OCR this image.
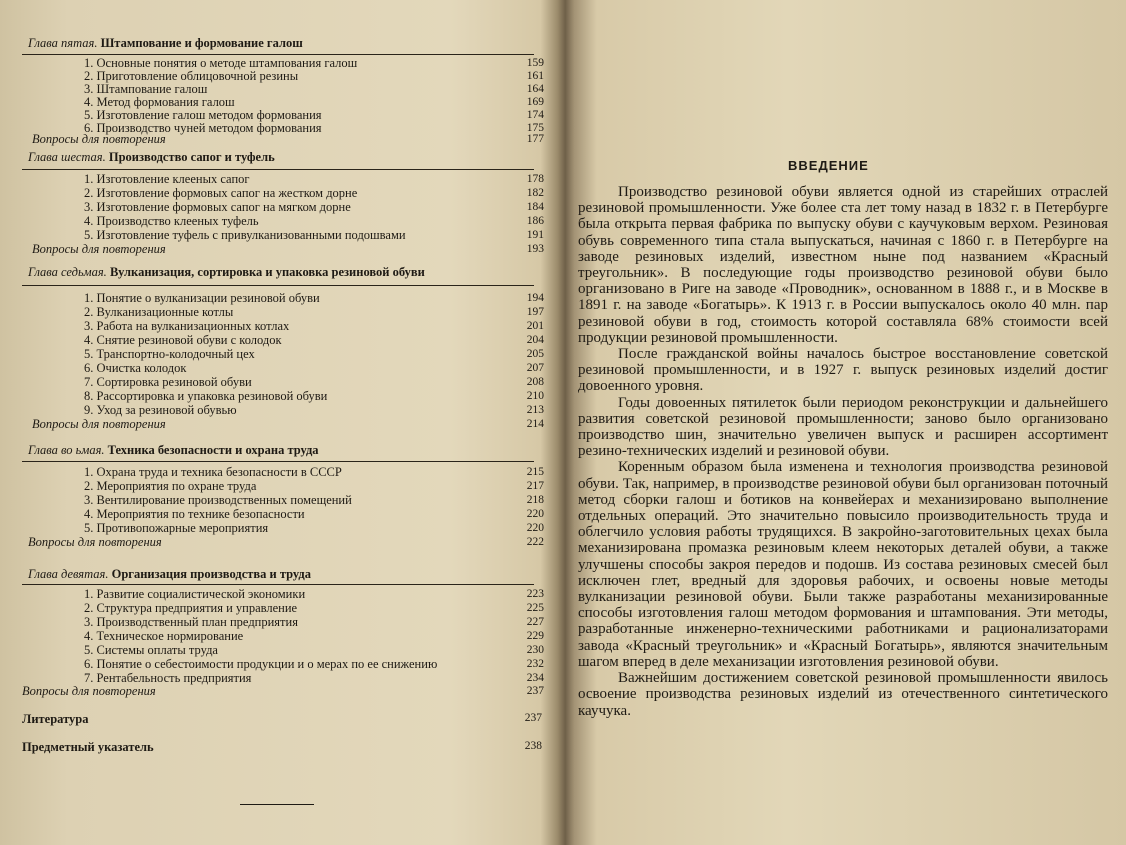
Глава пятая. Штампование и формование галош
1. Основные понятия о методе штампования галош	159
2. Приготовление облицовочной резины	161
3. Штампование галош	164
4. Метод формования галош	169
5. Изготовление галош методом формования	174
6. Производство чуней методом формования	175
Вопросы для повторения	177
Глава шестая. Производство сапог и туфель
1. Изготовление клееных сапог	178
2. Изготовление формовых сапог на жестком дорне	182
3. Изготовление формовых сапог на мягком дорне	184
4. Производство клееных туфель	186
5. Изготовление туфель с привулканизованными подошвами	191
Вопросы для повторения	193
Глава седьмая. Вулканизация, сортировка и упаковка резиновой обуви
1. Понятие о вулканизации резиновой обуви	194
2. Вулканизационные котлы	197
3. Работа на вулканизационных котлах	201
4. Снятие резиновой обуви с колодок	204
5. Транспортно-колодочный цех	205
6. Очистка колодок	207
7. Сортировка резиновой обуви	208
8. Рассортировка и упаковка резиновой обуви	210
9. Уход за резиновой обувью	213
Вопросы для повторения	214
Глава во ьмая. Техника безопасности и охрана труда
1. Охрана труда и техника безопасности в СССР	215
2. Мероприятия по охране труда	217
3. Вентилирование производственных помещений	218
4. Мероприятия по технике безопасности	220
5. Противопожарные мероприятия	220
Вопросы для повторения	222
Глава девятая. Организация производства и труда
1. Развитие социалистической экономики	223
2. Структура предприятия и управление	225
3. Производственный план предприятия	227
4. Техническое нормирование	229
5. Системы оплаты труда	230
6. Понятие о себестоимости продукции и о мерах по ее снижению	232
7. Рентабельность предприятия	234
Вопросы для повторения	237
Литература	237
Предметный указатель	238
ВВЕДЕНИЕ

Производство резиновой обуви является одной из старейших отраслей резиновой промышленности. Уже более ста лет тому назад в 1832 г. в Петербурге была открыта первая фабрика по выпуску обуви с каучуковым верхом. Резиновая обувь современного типа стала выпускаться, начиная с 1860 г. в Петербурге на заводе резиновых изделий, известном ныне под названием «Красный треугольник». В последующие годы производство резиновой обуви было организовано в Риге на заводе «Проводник», основанном в 1888 г., и в Москве в 1891 г. на заводе «Богатырь». К 1913 г. в России выпускалось около 40 млн. пар резиновой обуви в год, стоимость которой составляла 68% стоимости всей продукции резиновой промышленности.

После гражданской войны началось быстрое восстановление советской резиновой промышленности, и в 1927 г. выпуск резиновых изделий достиг довоенного уровня.

Годы довоенных пятилеток были периодом реконструкции и дальнейшего развития советской резиновой промышленности; заново было организовано производство шин, значительно увеличен выпуск и расширен ассортимент резино-технических изделий и резиновой обуви.

Коренным образом была изменена и технология производства резиновой обуви. Так, например, в производстве резиновой обуви был организован поточный метод сборки галош и ботиков на конвейерах и механизировано выполнение отдельных операций. Это значительно повысило производительность труда и облегчило условия работы трудящихся. В закройно-заготовительных цехах была механизирована промазка резиновым клеем некоторых деталей обуви, а также улучшены способы закроя передов и подошв. Из состава резиновых смесей был исключен глет, вредный для здоровья рабочих, и освоены новые методы вулканизации резиновой обуви. Были также разработаны механизированные способы изготовления галош методом формования и штампования. Эти методы, разработанные инженерно-техническими работниками и рационализаторами завода «Красный треугольник» и «Красный Богатырь», являются значительным шагом вперед в деле механизации изготовления резиновой обуви.

Важнейшим достижением советской резиновой промышленности явилось освоение производства резиновых изделий из отечественного синтетического каучука.
